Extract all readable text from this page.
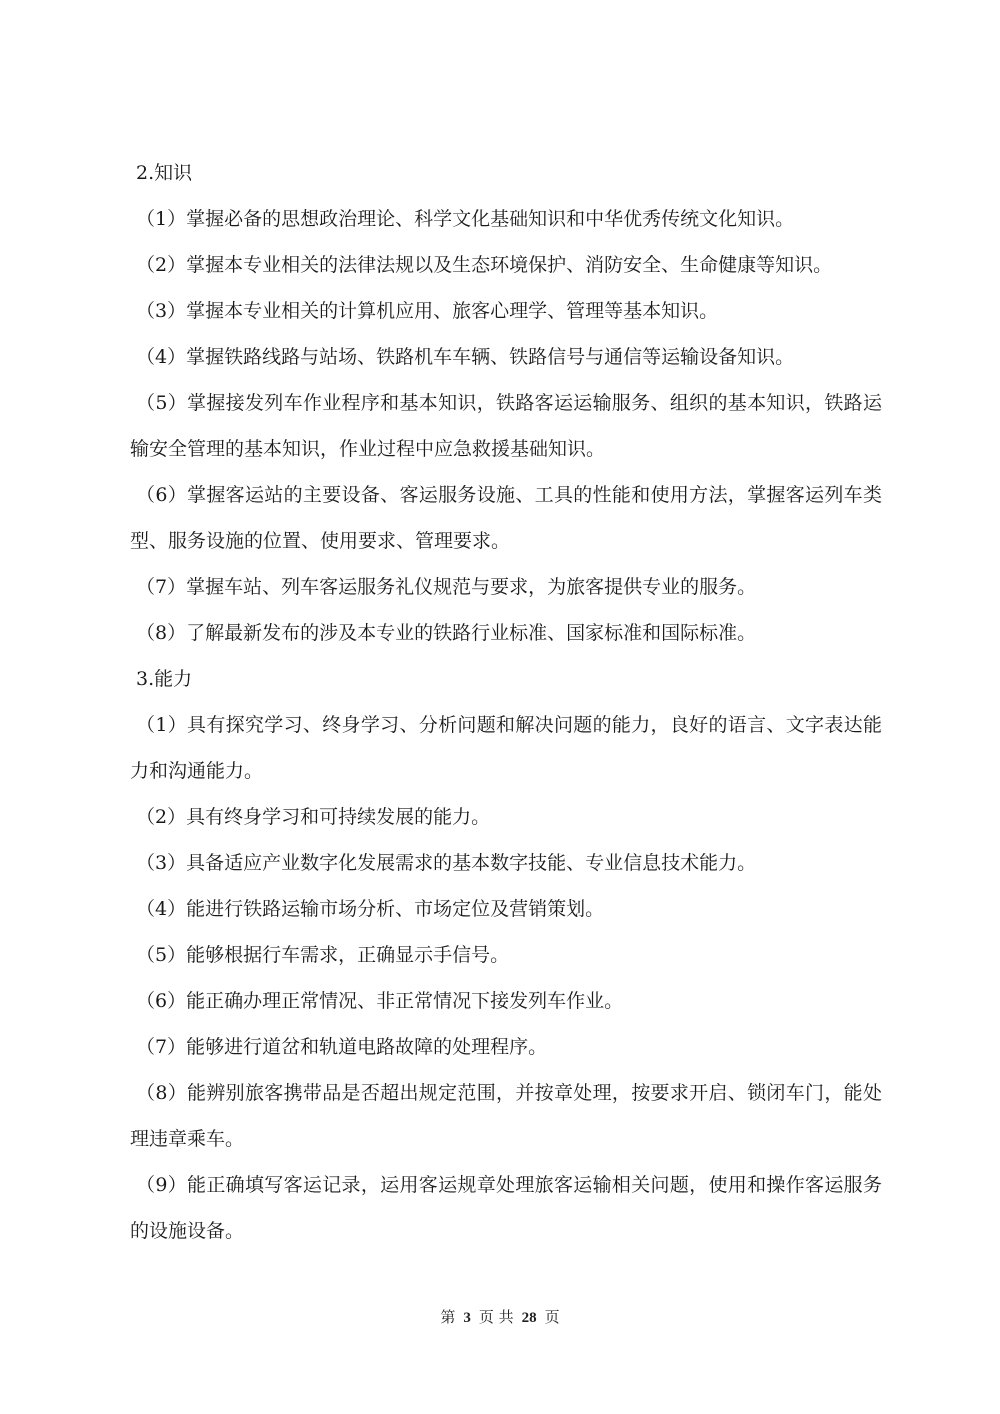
2.知识
（1）掌握必备的思想政治理论、科学文化基础知识和中华优秀传统文化知识。
（2）掌握本专业相关的法律法规以及生态环境保护、消防安全、生命健康等知识。
（3）掌握本专业相关的计算机应用、旅客心理学、管理等基本知识。
（4）掌握铁路线路与站场、铁路机车车辆、铁路信号与通信等运输设备知识。
（5）掌握接发列车作业程序和基本知识，铁路客运运输服务、组织的基本知识，铁路运输安全管理的基本知识，作业过程中应急救援基础知识。
（6）掌握客运站的主要设备、客运服务设施、工具的性能和使用方法，掌握客运列车类型、服务设施的位置、使用要求、管理要求。
（7）掌握车站、列车客运服务礼仪规范与要求，为旅客提供专业的服务。
（8）了解最新发布的涉及本专业的铁路行业标准、国家标准和国际标准。
3.能力
（1）具有探究学习、终身学习、分析问题和解决问题的能力，良好的语言、文字表达能力和沟通能力。
（2）具有终身学习和可持续发展的能力。
（3）具备适应产业数字化发展需求的基本数字技能、专业信息技术能力。
（4）能进行铁路运输市场分析、市场定位及营销策划。
（5）能够根据行车需求，正确显示手信号。
（6）能正确办理正常情况、非正常情况下接发列车作业。
（7）能够进行道岔和轨道电路故障的处理程序。
（8）能辨别旅客携带品是否超出规定范围，并按章处理，按要求开启、锁闭车门，能处理违章乘车。
（9）能正确填写客运记录，运用客运规章处理旅客运输相关问题，使用和操作客运服务的设施设备。
第 3 页 共 28 页
